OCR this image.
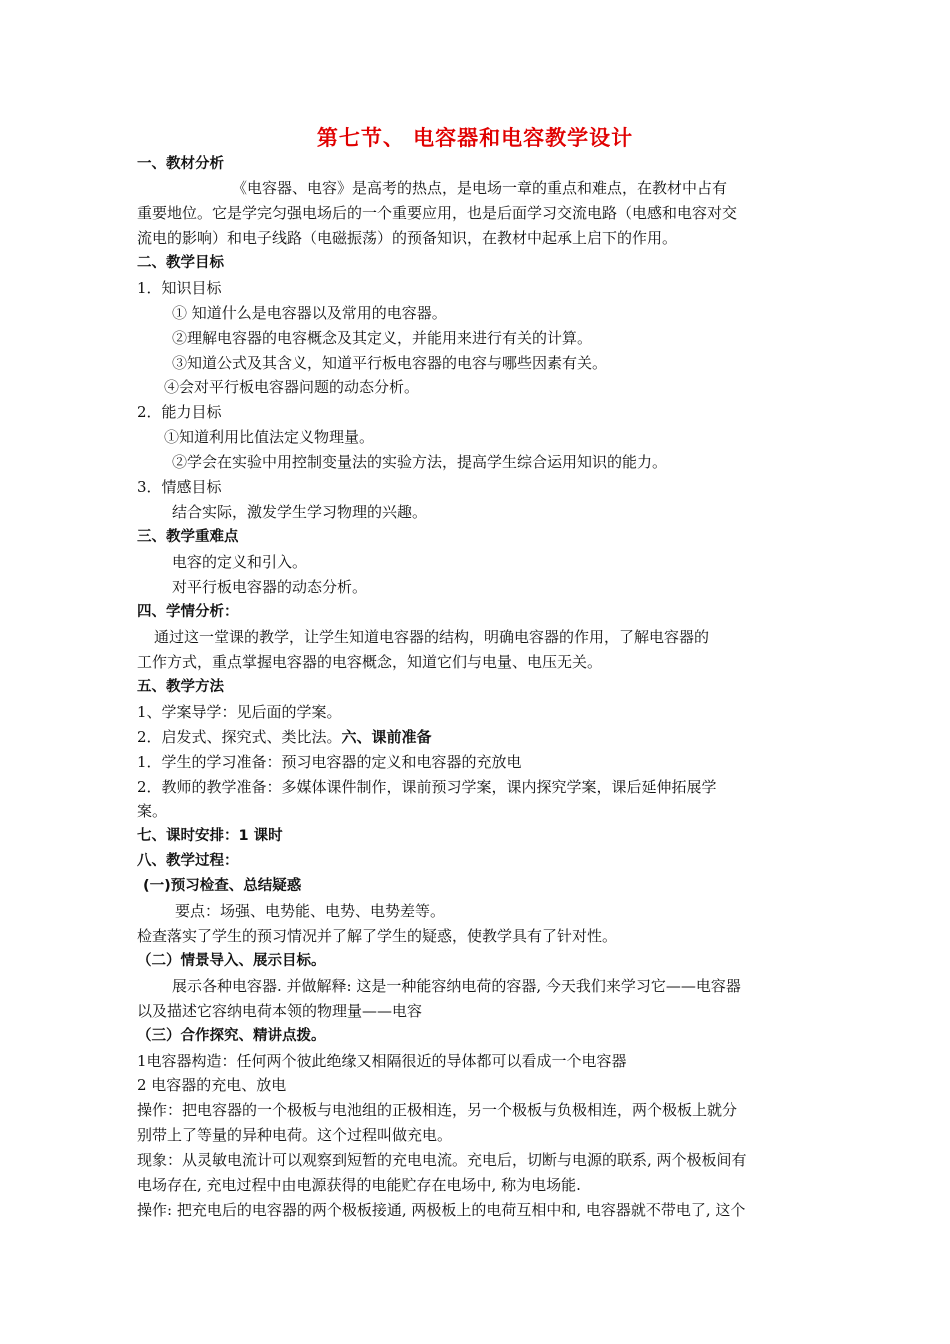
第七节、 电容器和电容教学设计
一、教材分析
《电容器、电容》是高考的热点，是电场一章的重点和难点，在教材中占有
重要地位。它是学完匀强电场后的一个重要应用，也是后面学习交流电路（电感和电容对交
流电的影响）和电子线路（电磁振荡）的预备知识，在教材中起承上启下的作用。
二、教学目标
1．知识目标
① 知道什么是电容器以及常用的电容器。
②理解电容器的电容概念及其定义，并能用来进行有关的计算。
③知道公式及其含义，知道平行板电容器的电容与哪些因素有关。
④会对平行板电容器问题的动态分析。
2．能力目标
①知道利用比值法定义物理量。
②学会在实验中用控制变量法的实验方法，提高学生综合运用知识的能力。
3．情感目标
结合实际，激发学生学习物理的兴趣。
三、教学重难点
电容的定义和引入。
对平行板电容器的动态分析。
四、学情分析：
通过这一堂课的教学，让学生知道电容器的结构，明确电容器的作用，了解电容器的
工作方式，重点掌握电容器的电容概念，知道它们与电量、电压无关。
五、教学方法
1、学案导学：见后面的学案。
2．启发式、探究式、类比法。六、课前准备
1．学生的学习准备：预习电容器的定义和电容器的充放电
2．教师的教学准备：多媒体课件制作，课前预习学案，课内探究学案，课后延伸拓展学
案。
七、课时安排：1 课时
八、教学过程：
(一)预习检查、总结疑惑
要点：场强、电势能、电势、电势差等。
检查落实了学生的预习情况并了解了学生的疑惑，使教学具有了针对性。
（二）情景导入、展示目标。
展示各种电容器. 并做解释: 这是一种能容纳电荷的容器, 今天我们来学习它——电容器
以及描述它容纳电荷本领的物理量——电容
（三）合作探究、精讲点拨。
1电容器构造：任何两个彼此绝缘又相隔很近的导体都可以看成一个电容器
2 电容器的充电、放电
操作：把电容器的一个极板与电池组的正极相连，另一个极板与负极相连，两个极板上就分
别带上了等量的异种电荷。这个过程叫做充电。
现象：从灵敏电流计可以观察到短暂的充电电流。充电后，切断与电源的联系, 两个极板间有
电场存在, 充电过程中由电源获得的电能贮存在电场中, 称为电场能.
操作: 把充电后的电容器的两个极板接通, 两极板上的电荷互相中和, 电容器就不带电了, 这个
